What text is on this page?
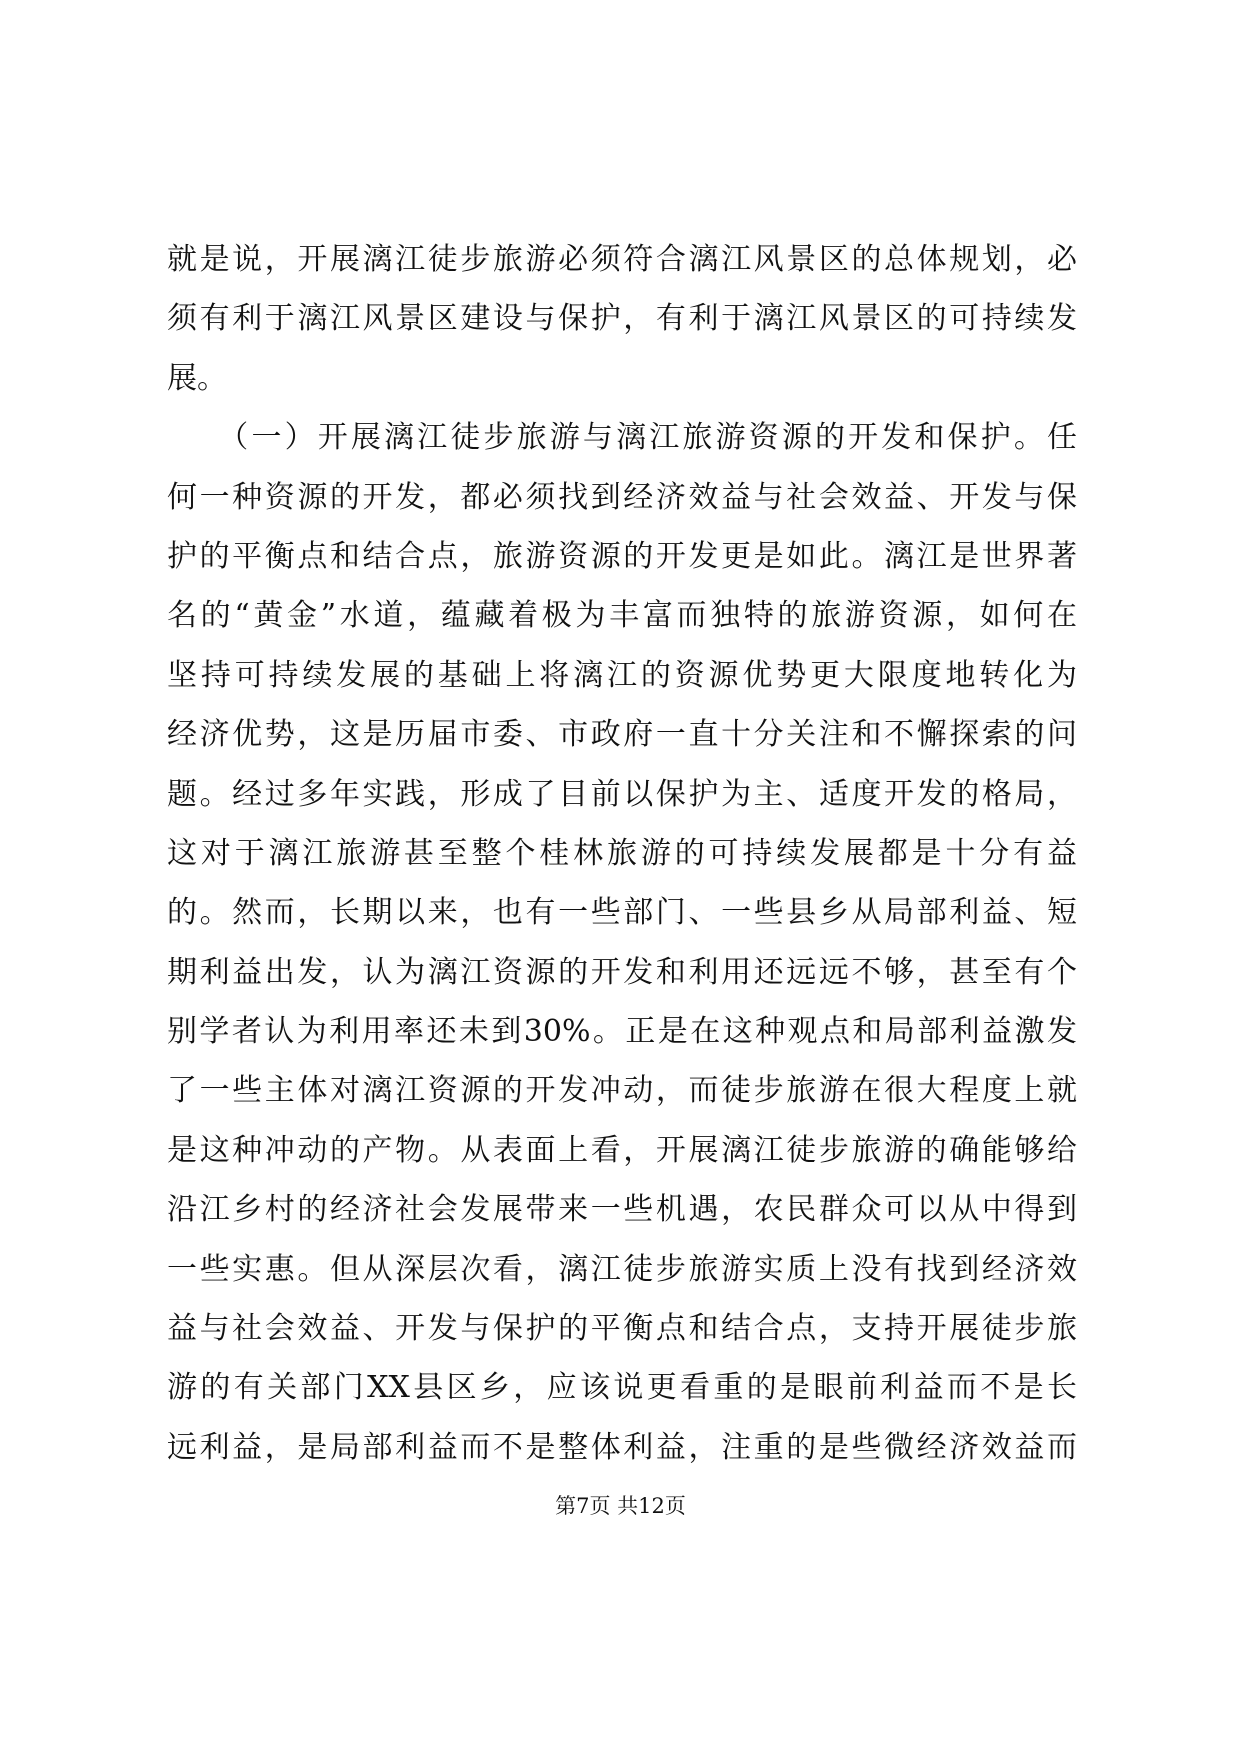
就是说，开展漓江徒步旅游必须符合漓江风景区的总体规划，必
须有利于漓江风景区建设与保护，有利于漓江风景区的可持续发
展。
　　（一）开展漓江徒步旅游与漓江旅游资源的开发和保护。任
何一种资源的开发，都必须找到经济效益与社会效益、开发与保
护的平衡点和结合点，旅游资源的开发更是如此。漓江是世界著
名的“黄金”水道，蕴藏着极为丰富而独特的旅游资源，如何在
坚持可持续发展的基础上将漓江的资源优势更大限度地转化为
经济优势，这是历届市委、市政府一直十分关注和不懈探索的问
题。经过多年实践，形成了目前以保护为主、适度开发的格局，
这对于漓江旅游甚至整个桂林旅游的可持续发展都是十分有益
的。然而，长期以来，也有一些部门、一些县乡从局部利益、短
期利益出发，认为漓江资源的开发和利用还远远不够，甚至有个
别学者认为利用率还未到30%。正是在这种观点和局部利益激发
了一些主体对漓江资源的开发冲动，而徒步旅游在很大程度上就
是这种冲动的产物。从表面上看，开展漓江徒步旅游的确能够给
沿江乡村的经济社会发展带来一些机遇，农民群众可以从中得到
一些实惠。但从深层次看，漓江徒步旅游实质上没有找到经济效
益与社会效益、开发与保护的平衡点和结合点，支持开展徒步旅
游的有关部门XX县区乡，应该说更看重的是眼前利益而不是长
远利益，是局部利益而不是整体利益，注重的是些微经济效益而
第7页 共12页
